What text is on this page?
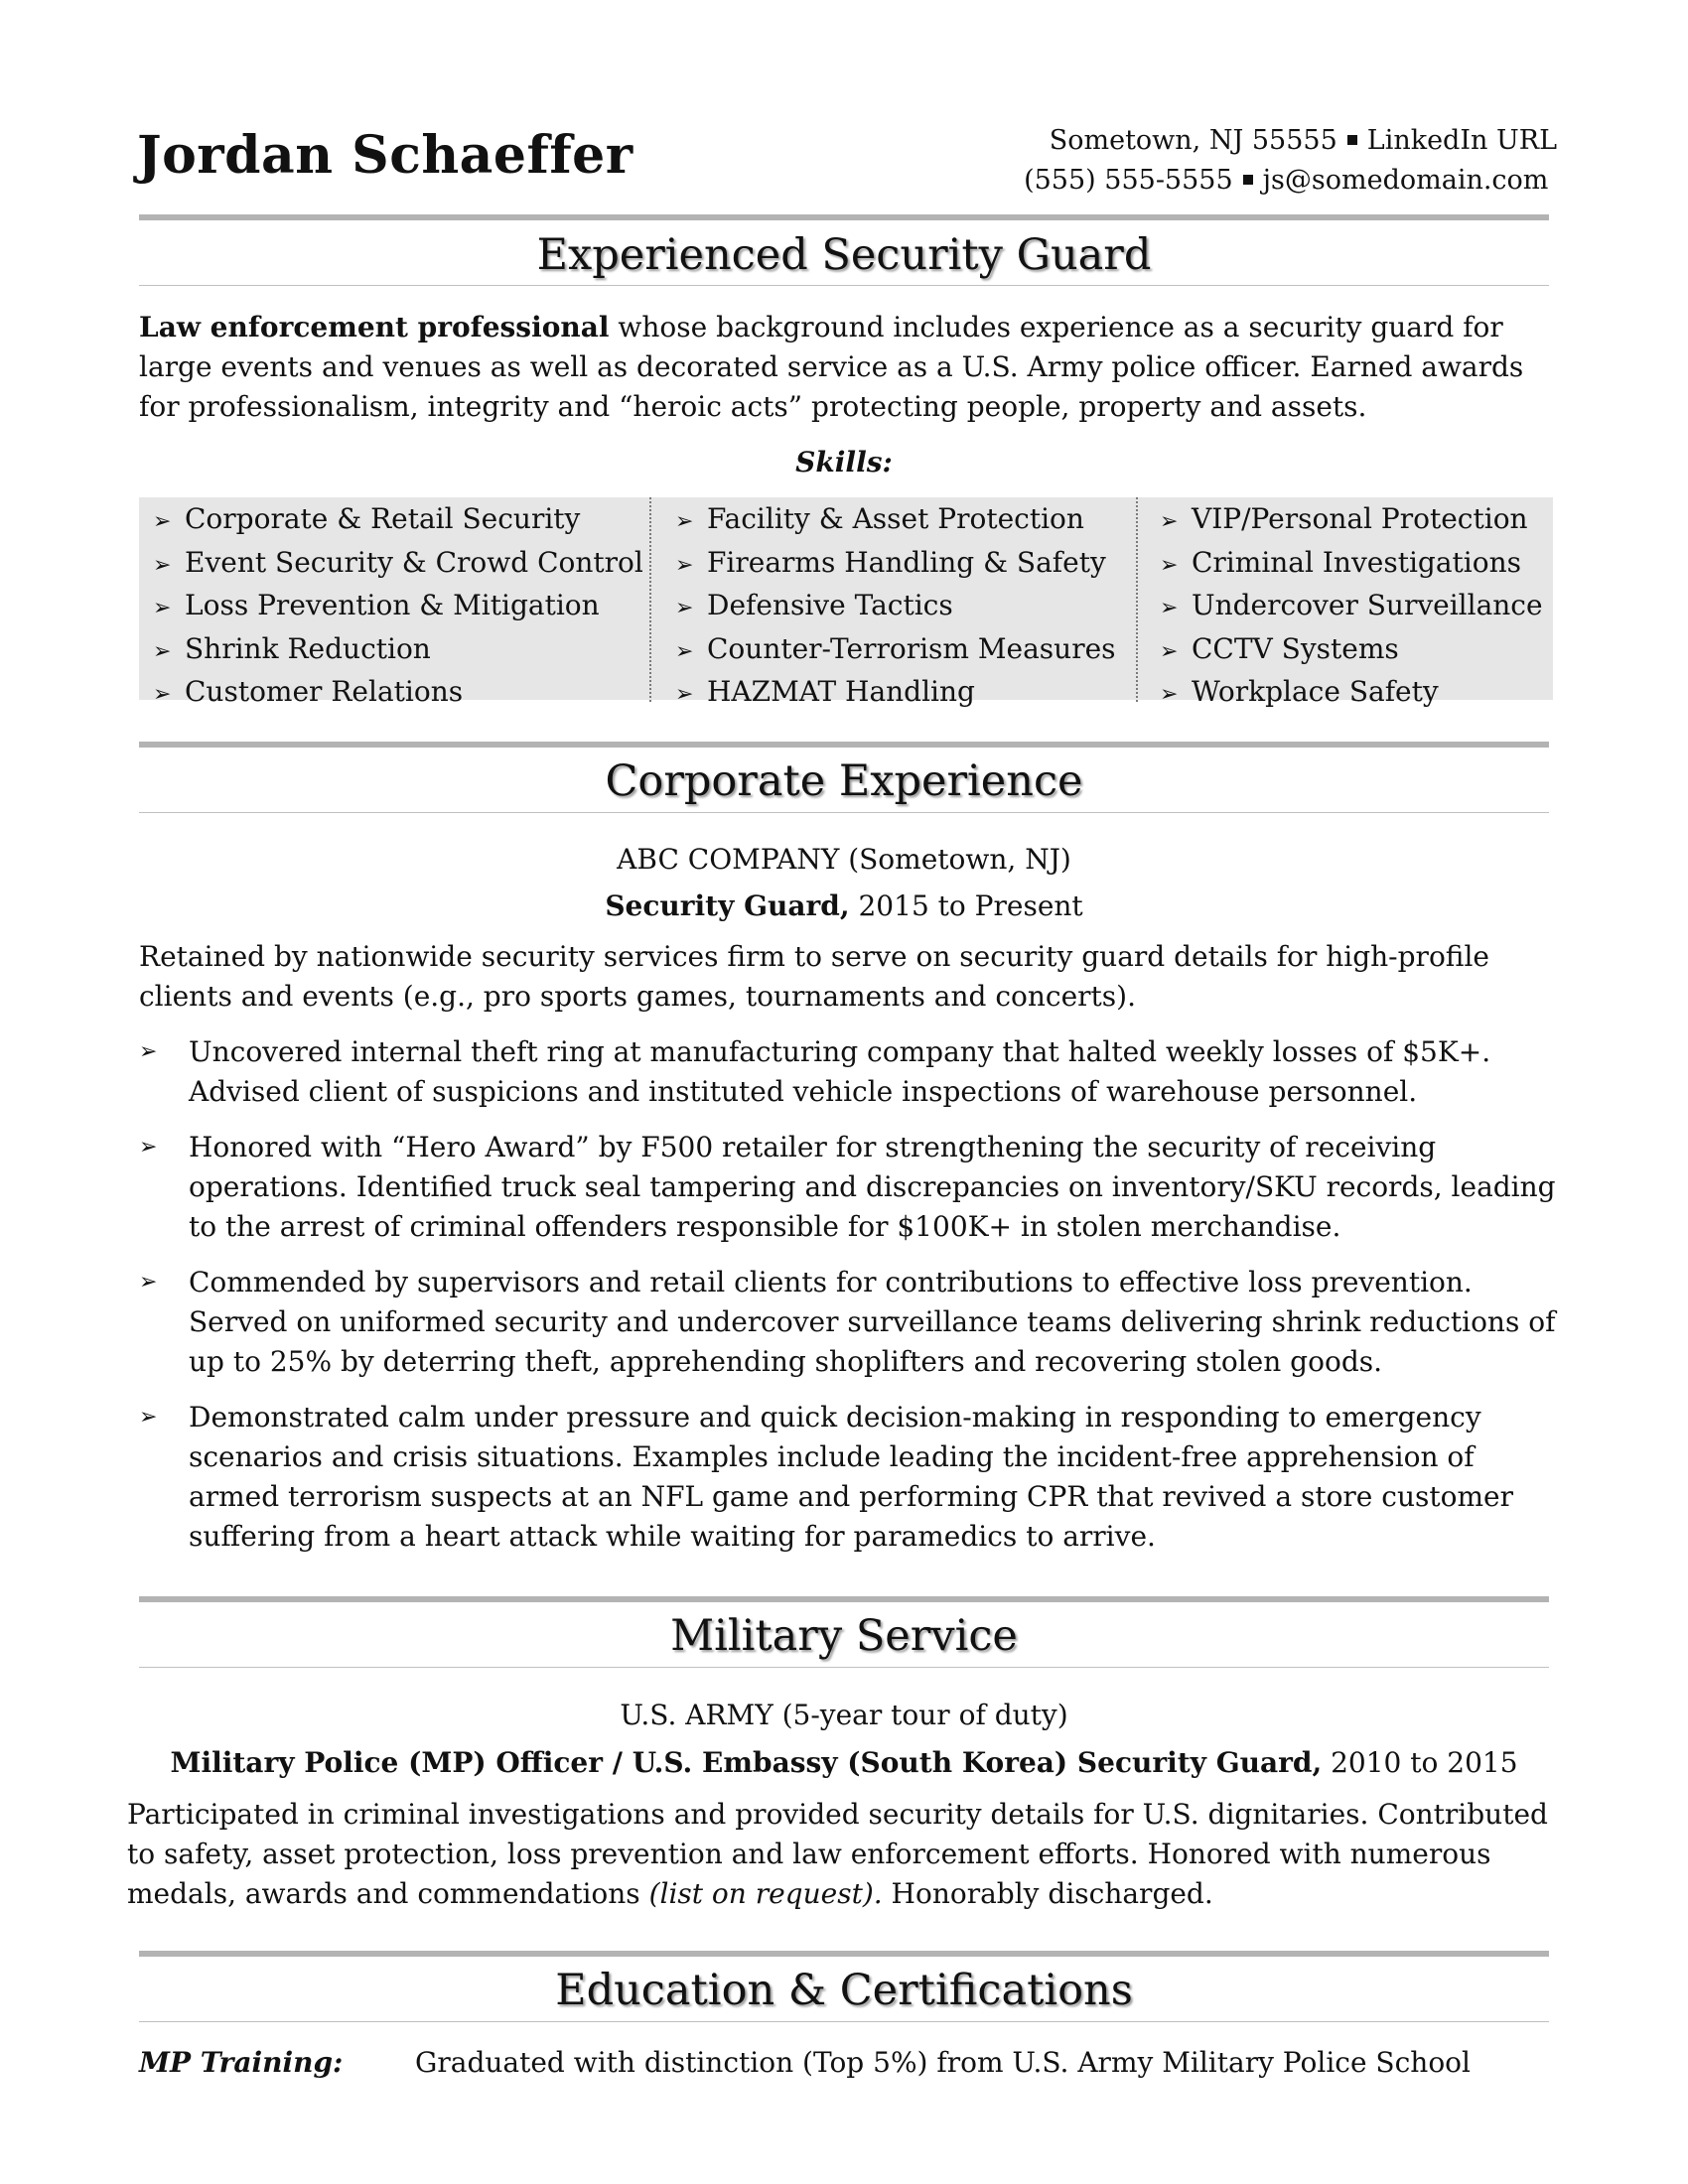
Jordan Schaeffer	Sometown, NJ 55555 LinkedIn URL
(555) 555-5555 js@somedomain.com
Experienced Security Guard

Law enforcement professional whose background includes experience as a security guard for large events and venues as well as decorated service as a U.S. Army police officer. Earned awards for professionalism, integrity and “heroic acts” protecting people, property and assets.

Skills:
➢ Corporate & Retail Security
➢ Event Security & Crowd Control
➢ Loss Prevention & Mitigation
➢ Shrink Reduction
➢ Customer Relations
➢ Facility & Asset Protection
➢ Firearms Handling & Safety
➢ Defensive Tactics
➢ Counter-Terrorism Measures
➢ HAZMAT Handling
➢ VIP/Personal Protection
➢ Criminal Investigations
➢ Undercover Surveillance
➢ CCTV Systems
➢ Workplace Safety
Corporate Experience
ABC COMPANY (Sometown, NJ)
Security Guard, 2015 to Present

Retained by nationwide security services firm to serve on security guard details for high-profile clients and events (e.g., pro sports games, tournaments and concerts).

➢ Uncovered internal theft ring at manufacturing company that halted weekly losses of $5K+. Advised client of suspicions and instituted vehicle inspections of warehouse personnel.
➢ Honored with “Hero Award” by F500 retailer for strengthening the security of receiving operations. Identified truck seal tampering and discrepancies on inventory/SKU records, leading to the arrest of criminal offenders responsible for $100K+ in stolen merchandise.
➢ Commended by supervisors and retail clients for contributions to effective loss prevention. Served on uniformed security and undercover surveillance teams delivering shrink reductions of up to 25% by deterring theft, apprehending shoplifters and recovering stolen goods.
➢ Demonstrated calm under pressure and quick decision-making in responding to emergency scenarios and crisis situations. Examples include leading the incident-free apprehension of armed terrorism suspects at an NFL game and performing CPR that revived a store customer suffering from a heart attack while waiting for paramedics to arrive.
Military Service
U.S. ARMY (5-year tour of duty)
Military Police (MP) Officer / U.S. Embassy (South Korea) Security Guard, 2010 to 2015

Participated in criminal investigations and provided security details for U.S. dignitaries. Contributed to safety, asset protection, loss prevention and law enforcement efforts. Honored with numerous medals, awards and commendations (list on request). Honorably discharged.

Education & Certifications
MP Training:	Graduated with distinction (Top 5%) from U.S. Army Military Police School
